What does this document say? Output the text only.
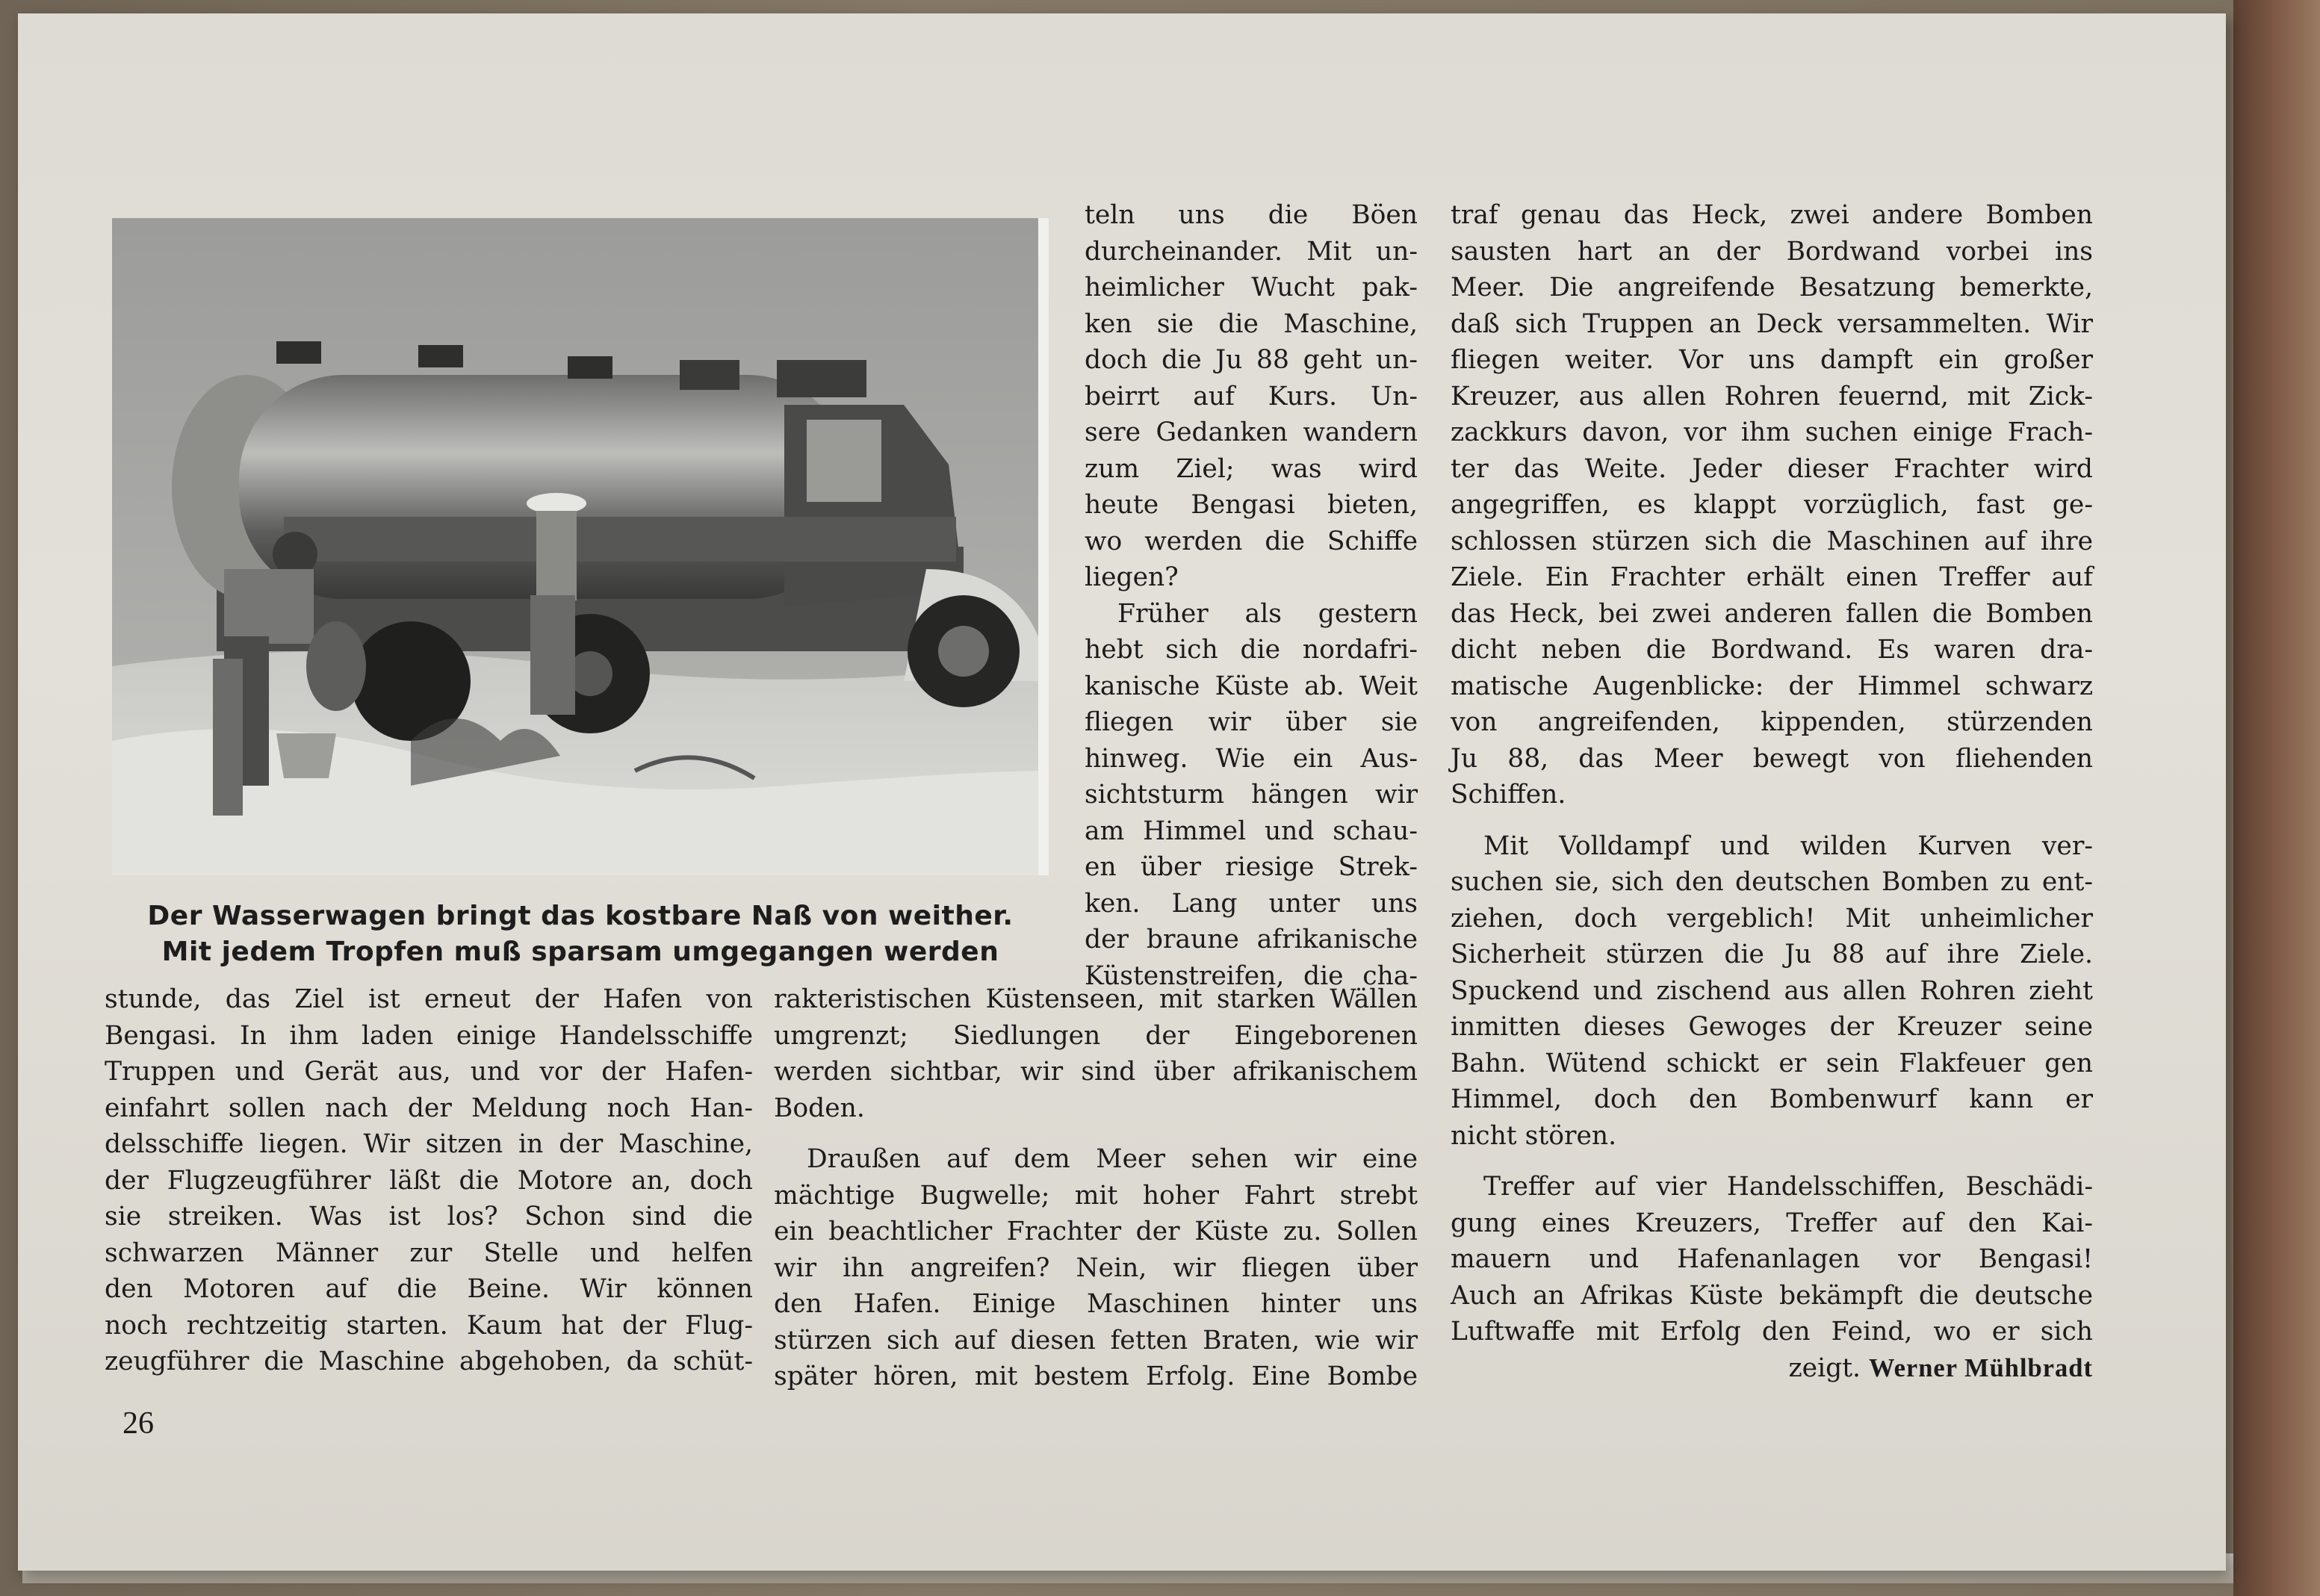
Der Wasserwagen bringt das kostbare Naß von weither.
Mit jedem Tropfen muß sparsam umgegangen werden
teln uns die Böen
durcheinander. Mit un-
heimlicher Wucht pak-
ken sie die Maschine,
doch die Ju 88 geht un-
beirrt auf Kurs. Un-
sere Gedanken wandern
zum Ziel; was wird
heute Bengasi bieten,
wo werden die Schiffe
liegen?
Früher als gestern
hebt sich die nordafri-
kanische Küste ab. Weit
fliegen wir über sie
hinweg. Wie ein Aus-
sichtsturm hängen wir
am Himmel und schau-
en über riesige Strek-
ken. Lang unter uns
der braune afrikanische
Küstenstreifen, die cha-
stunde, das Ziel ist erneut der Hafen von
Bengasi. In ihm laden einige Handelsschiffe
Truppen und Gerät aus, und vor der Hafen-
einfahrt sollen nach der Meldung noch Han-
delsschiffe liegen. Wir sitzen in der Maschine,
der Flugzeugführer läßt die Motore an, doch
sie streiken. Was ist los? Schon sind die
schwarzen Männer zur Stelle und helfen
den Motoren auf die Beine. Wir können
noch rechtzeitig starten. Kaum hat der Flug-
zeugführer die Maschine abgehoben, da schüt-
rakteristischen Küstenseen, mit starken Wällen
umgrenzt; Siedlungen der Eingeborenen
werden sichtbar, wir sind über afrikanischem
Boden.
Draußen auf dem Meer sehen wir eine
mächtige Bugwelle; mit hoher Fahrt strebt
ein beachtlicher Frachter der Küste zu. Sollen
wir ihn angreifen? Nein, wir fliegen über
den Hafen. Einige Maschinen hinter uns
stürzen sich auf diesen fetten Braten, wie wir
später hören, mit bestem Erfolg. Eine Bombe
traf genau das Heck, zwei andere Bomben
sausten hart an der Bordwand vorbei ins
Meer. Die angreifende Besatzung bemerkte,
daß sich Truppen an Deck versammelten. Wir
fliegen weiter. Vor uns dampft ein großer
Kreuzer, aus allen Rohren feuernd, mit Zick-
zackkurs davon, vor ihm suchen einige Frach-
ter das Weite. Jeder dieser Frachter wird
angegriffen, es klappt vorzüglich, fast ge-
schlossen stürzen sich die Maschinen auf ihre
Ziele. Ein Frachter erhält einen Treffer auf
das Heck, bei zwei anderen fallen die Bomben
dicht neben die Bordwand. Es waren dra-
matische Augenblicke: der Himmel schwarz
von angreifenden, kippenden, stürzenden
Ju 88, das Meer bewegt von fliehenden
Schiffen.
Mit Volldampf und wilden Kurven ver-
suchen sie, sich den deutschen Bomben zu ent-
ziehen, doch vergeblich! Mit unheimlicher
Sicherheit stürzen die Ju 88 auf ihre Ziele.
Spuckend und zischend aus allen Rohren zieht
inmitten dieses Gewoges der Kreuzer seine
Bahn. Wütend schickt er sein Flakfeuer gen
Himmel, doch den Bombenwurf kann er
nicht stören.
Treffer auf vier Handelsschiffen, Beschädi-
gung eines Kreuzers, Treffer auf den Kai-
mauern und Hafenanlagen vor Bengasi!
Auch an Afrikas Küste bekämpft die deutsche
Luftwaffe mit Erfolg den Feind, wo er sich
zeigt. Werner Mühlbradt
26
